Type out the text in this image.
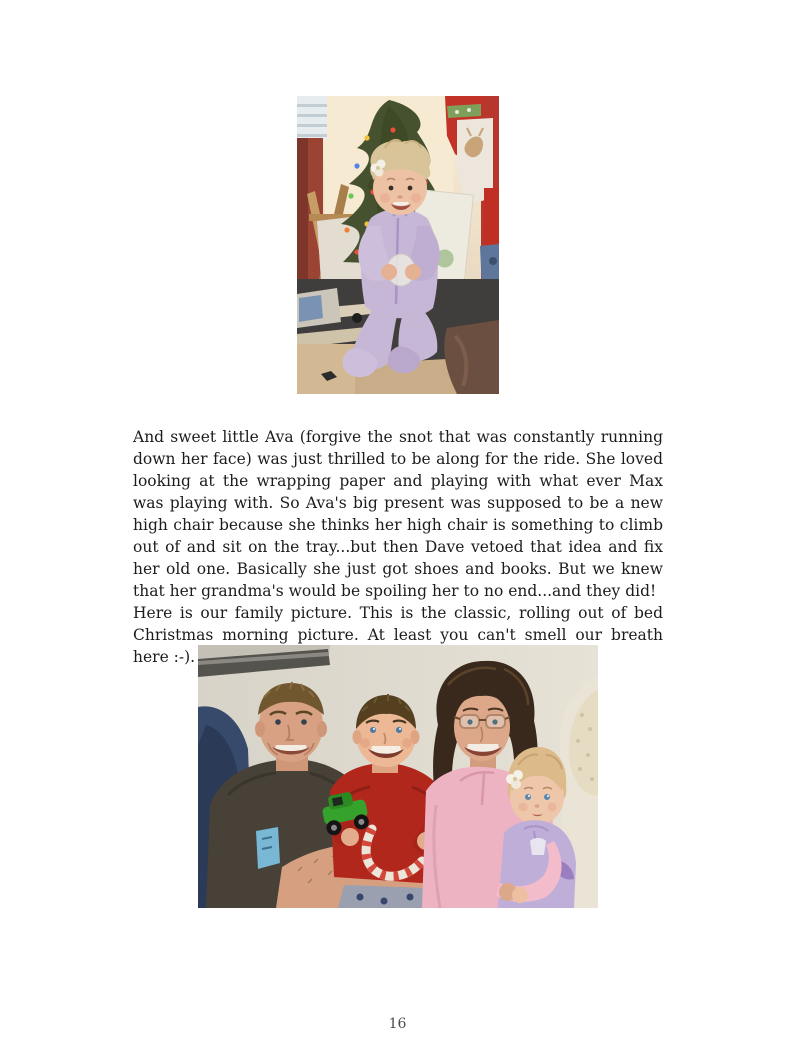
And sweet little Ava (forgive the snot that was constantly running down her face) was just thrilled to be along for the ride. She loved looking at the wrapping paper and playing with what ever Max was playing with. So Ava's big present was supposed to be a new high chair because she thinks her high chair is something to climb out of and sit on the tray...but then Dave vetoed that idea and fix her old one. Basically she just got shoes and books. But we knew that her grandma's would be spoiling her to no end...and they did!

Here is our family picture. This is the classic, rolling out of bed Christmas morning picture. At least you can't smell our breath here :-).

16
